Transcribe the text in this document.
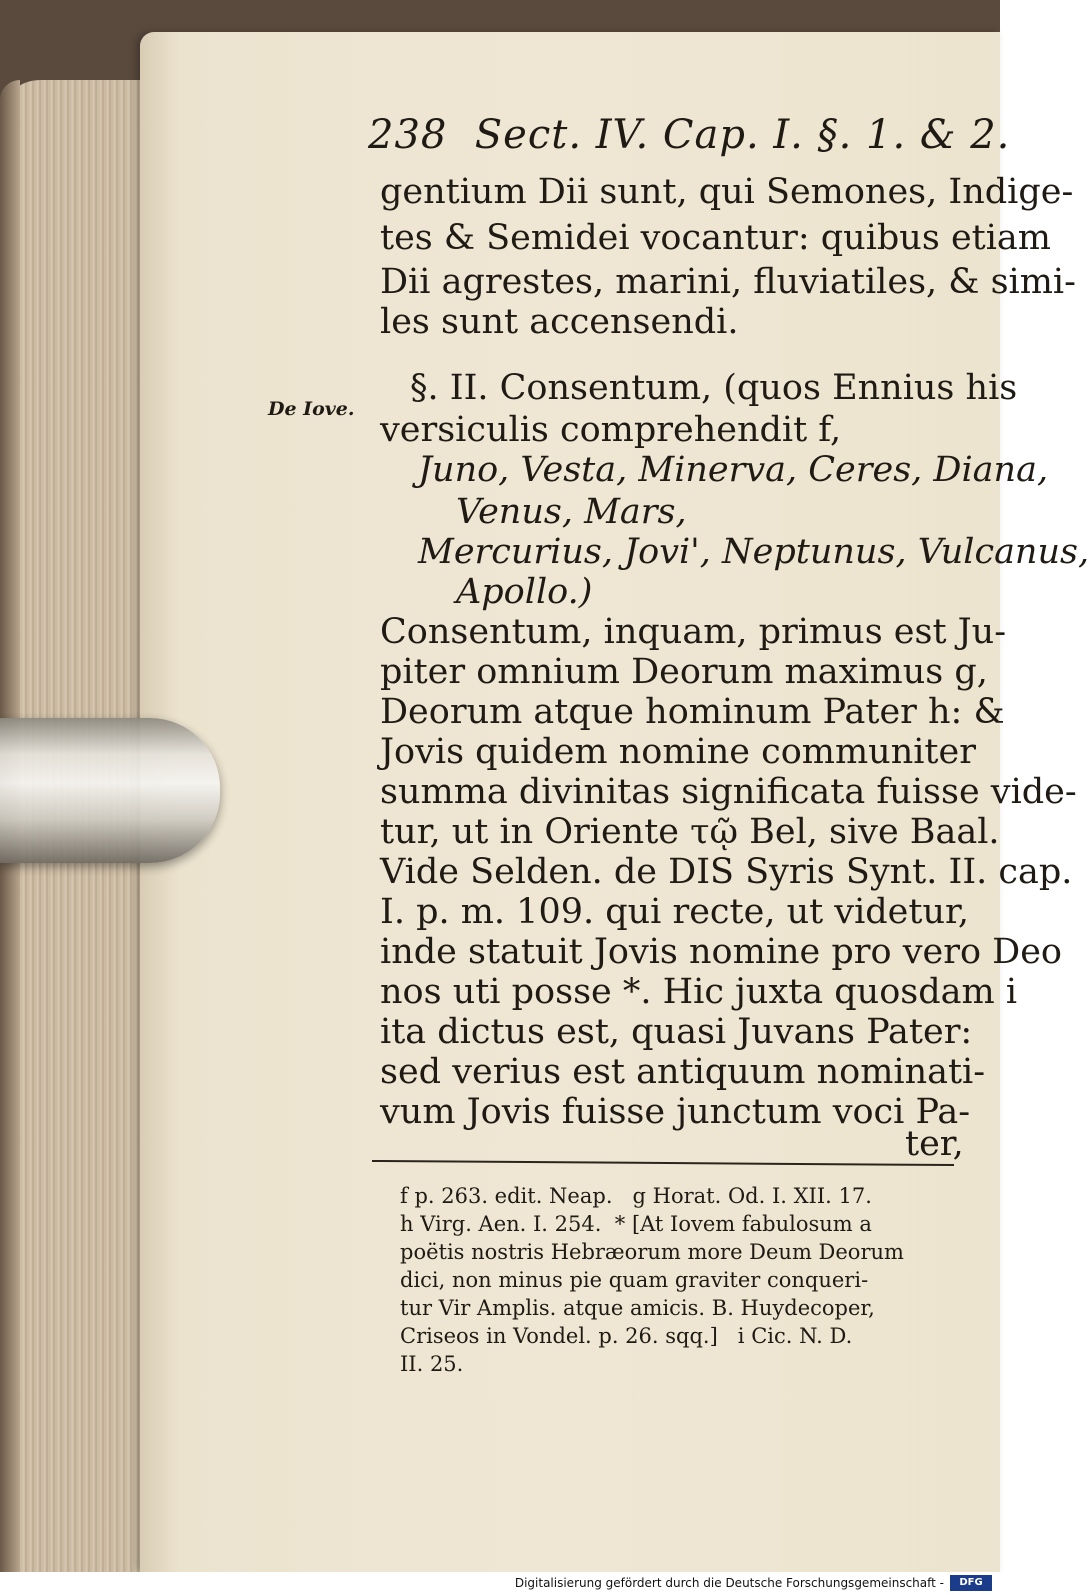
238  Sect. IV. Cap. I. §. 1. & 2.
De Iove.
gentium Dii sunt, qui Semones, Indige-
tes & Semidei vocantur: quibus etiam
Dii agrestes, marini, fluviatiles, & simi-
les sunt accensendi.
§. II. Consentum, (quos Ennius his
versiculis comprehendit f,
Juno, Vesta, Minerva, Ceres, Diana,
Venus, Mars,
Mercurius, Jovi', Neptunus, Vulcanus,
Apollo.)
Consentum, inquam, primus est Ju-
piter omnium Deorum maximus g,
Deorum atque hominum Pater h: &
Jovis quidem nomine communiter
summa divinitas significata fuisse vide-
tur, ut in Oriente τῷ Bel, sive Baal.
Vide Selden. de DIS Syris Synt. II. cap.
I. p. m. 109. qui recte, ut videtur,
inde statuit Jovis nomine pro vero Deo
nos uti posse *. Hic juxta quosdam i
ita dictus est, quasi Juvans Pater:
sed verius est antiquum nominati-
vum Jovis fuisse junctum voci Pa-
ter,
f p. 263. edit. Neap.   g Horat. Od. I. XII. 17.
h Virg. Aen. I. 254.  * [At Iovem fabulosum a
poëtis nostris Hebræorum more Deum Deorum
dici, non minus pie quam graviter conqueri-
tur Vir Amplis. atque amicis. B. Huydecoper,
Criseos in Vondel. p. 26. sqq.]   i Cic. N. D.
II. 25.
Digitalisierung gefördert durch die Deutsche Forschungsgemeinschaft -	DFG
